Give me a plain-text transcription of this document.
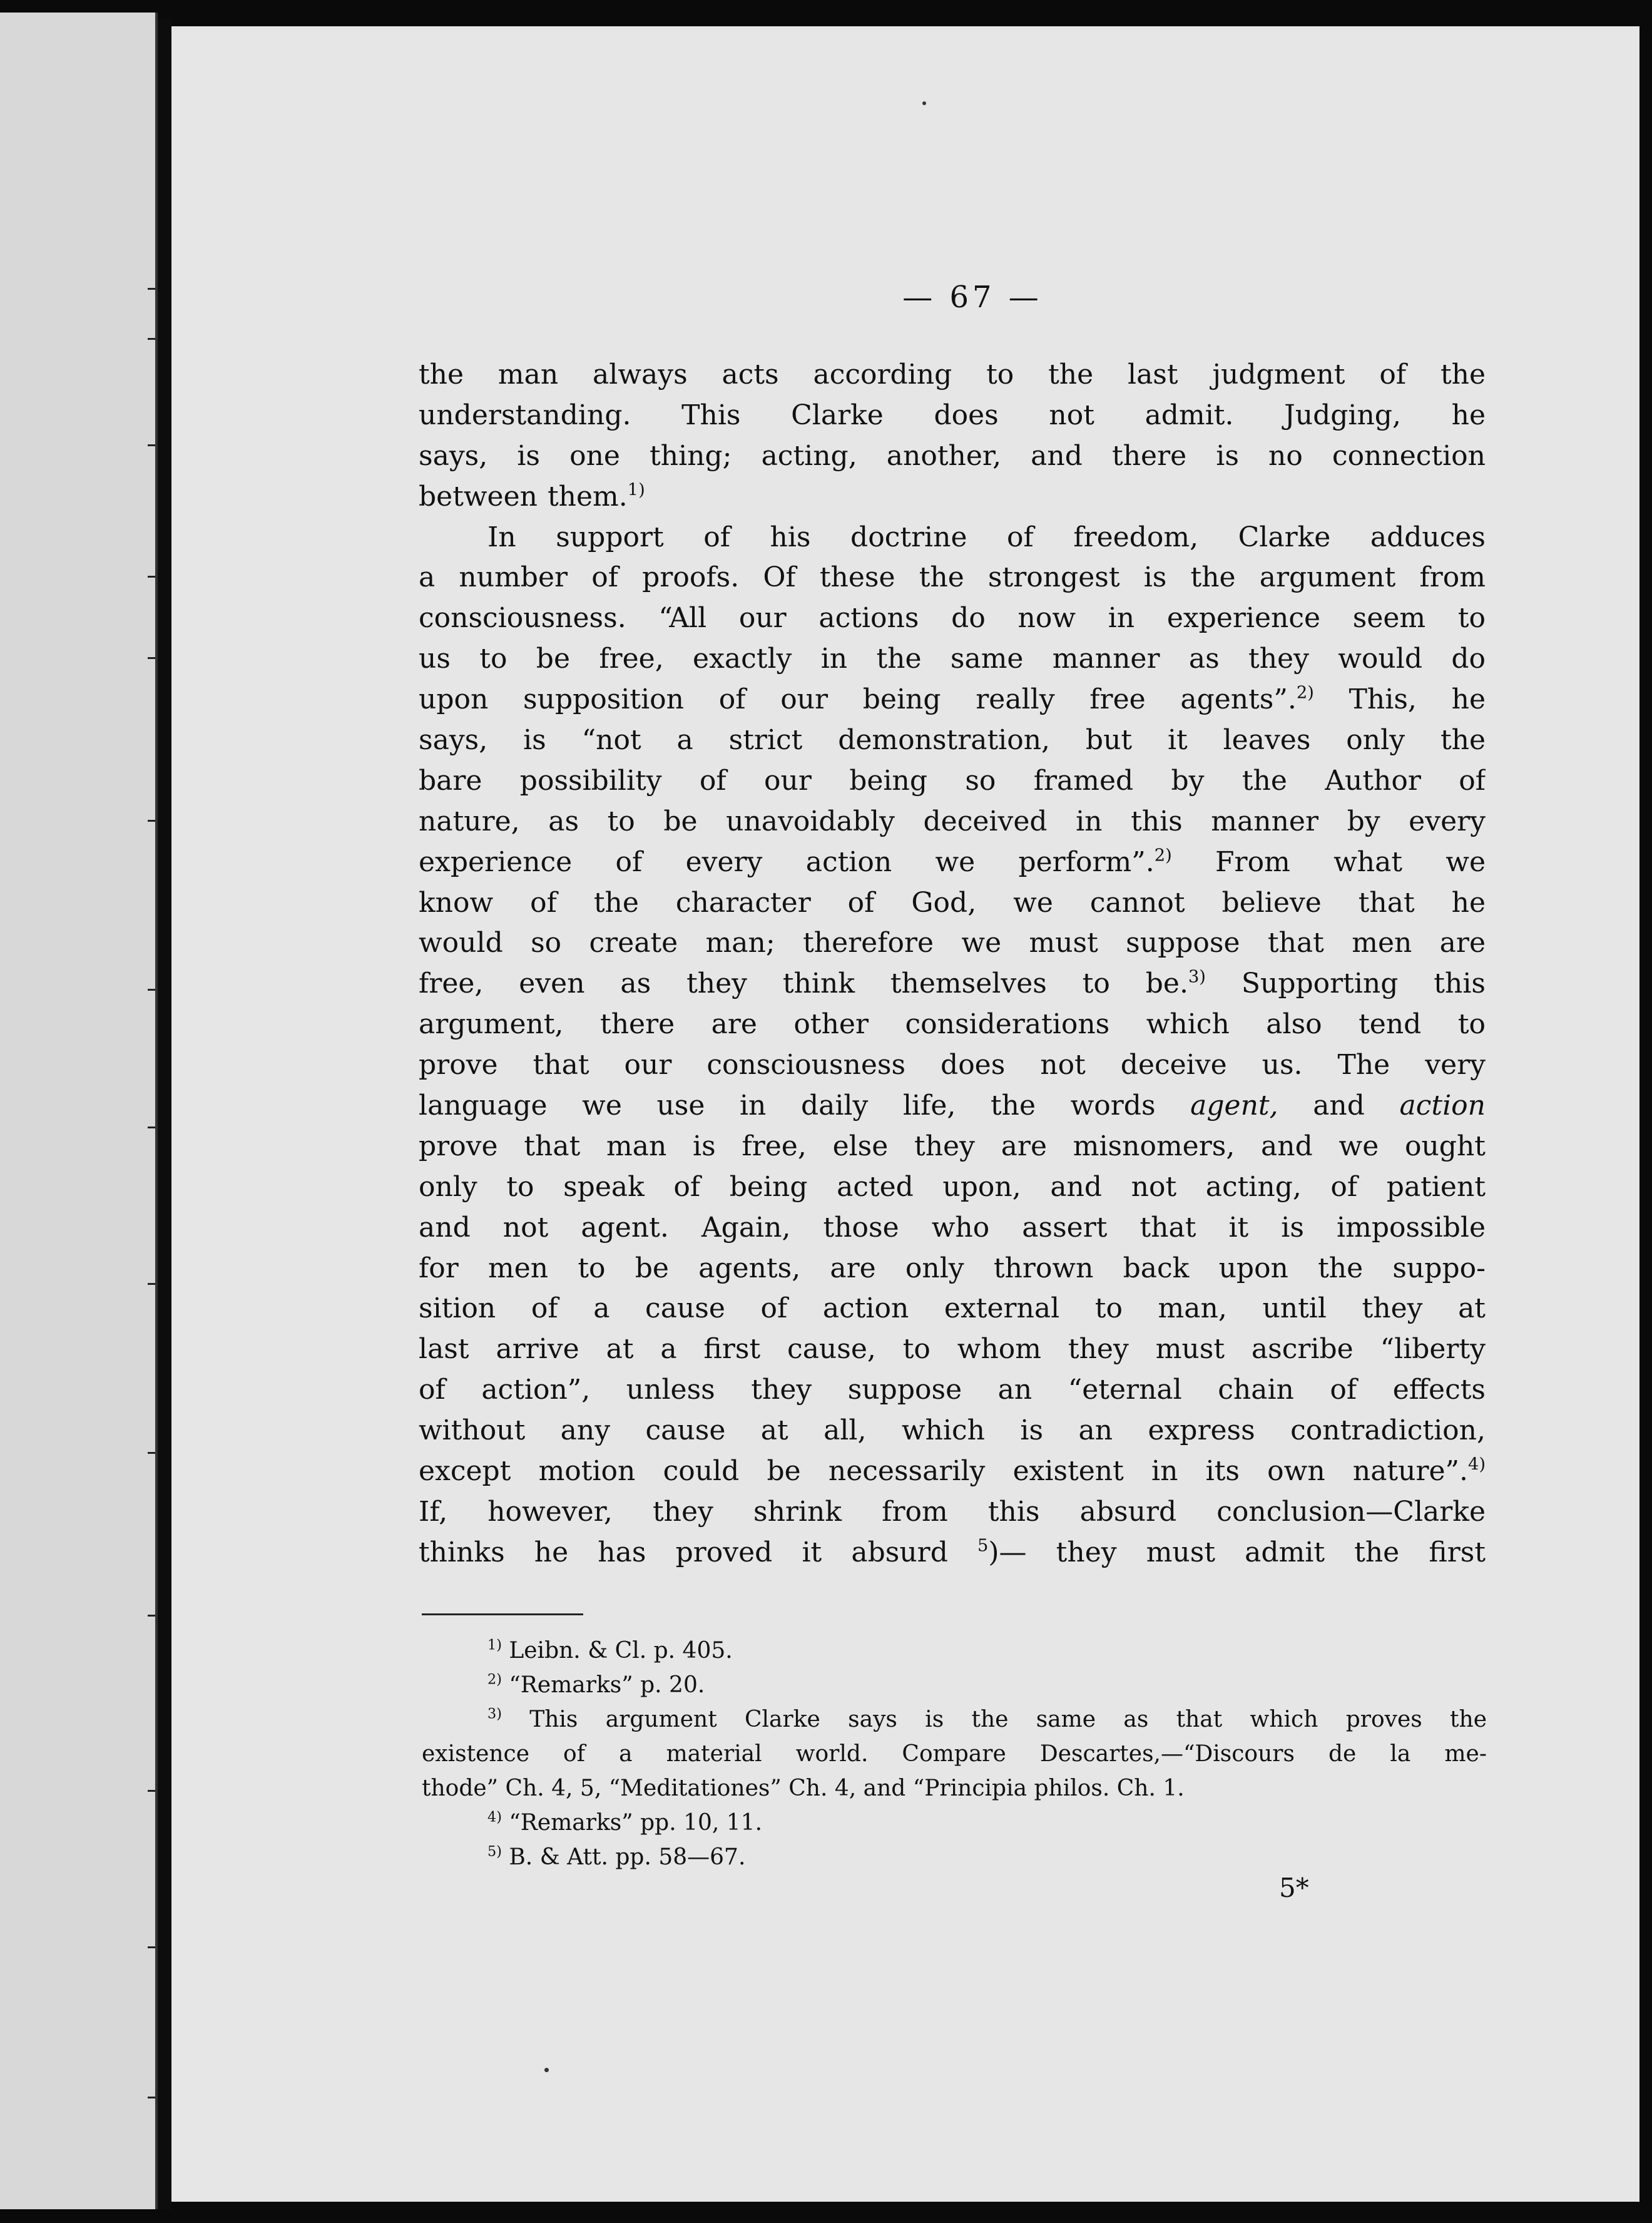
— 67 —
the man always acts according to the last judgment of the
understanding. This Clarke does not admit. Judging, he
says, is one thing; acting, another, and there is no connection
between them.$^{1)}$
In support of his doctrine of freedom, Clarke adduces
a number of proofs. Of these the strongest is the argument from
consciousness. “All our actions do now in experience seem to
us to be free, exactly in the same manner as they would do
upon supposition of our being really free agents”.$^{2)}$ This, he
says, is “not a strict demonstration, but it leaves only the
bare possibility of our being so framed by the Author of
nature, as to be unavoidably deceived in this manner by every
experience of every action we perform”.$^{2)}$ From what we
know of the character of God, we cannot believe that he
would so create man; therefore we must suppose that men are
free, even as they think themselves to be.$^{3)}$ Supporting this
argument, there are other considerations which also tend to
prove that our consciousness does not deceive us. The very
language we use in daily life, the words agent, and action
prove that man is free, else they are misnomers, and we ought
only to speak of being acted upon, and not acting, of patient
and not agent. Again, those who assert that it is impossible
for men to be agents, are only thrown back upon the suppo-
sition of a cause of action external to man, until they at
last arrive at a first cause, to whom they must ascribe “liberty
of action”, unless they suppose an “eternal chain of effects
without any cause at all, which is an express contradiction,
except motion could be necessarily existent in its own nature”.$^{4)}$
If, however, they shrink from this absurd conclusion—Clarke
thinks he has proved it absurd $^5$)— they must admit the first
$^{1)}$ Leibn. & Cl. p. 405.
$^{2)}$ “Remarks” p. 20.
$^{3)}$ This argument Clarke says is the same as that which proves the
existence of a material world. Compare Descartes,—“Discours de la me-
thode” Ch. 4, 5, “Meditationes” Ch. 4, and “Principia philos. Ch. 1.
$^{4)}$ “Remarks” pp. 10, 11.
$^{5)}$ B. & Att. pp. 58—67.
5*
